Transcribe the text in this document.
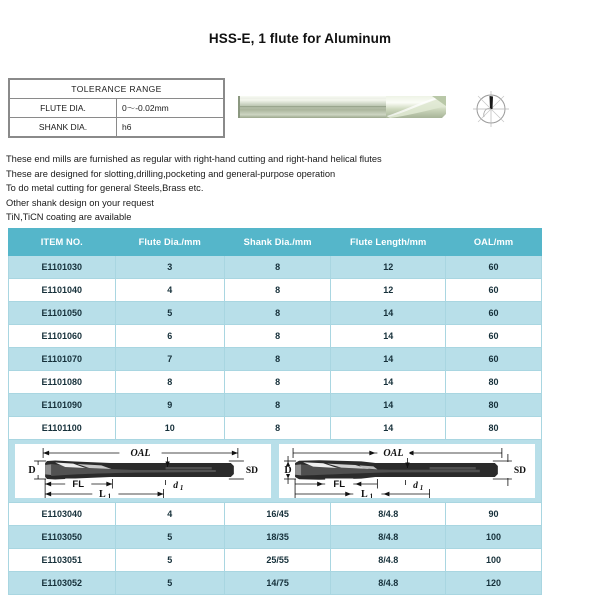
HSS-E, 1 flute for Aluminum
TOLERANCE RANGE	
FLUTE DIA.	0～-0.02mm
SHANK DIA.	h6
These end mills are furnished as regular with right-hand cutting and right-hand helical flutes
These are designed for slotting,drilling,pocketing and general-purpose operation
To do metal cutting for general Steels,Brass etc.
Other shank design on your request
TiN,TiCN coating are available
ITEM NO.	Flute Dia./mm	Shank Dia./mm	Flute Length/mm	OAL/mm
E1101030	3	8	12	60
E1101040	4	8	12	60
E1101050	5	8	14	60
E1101060	6	8	14	60
E1101070	7	8	14	60
E1101080	8	8	14	80
E1101090	9	8	14	80
E1101100	10	8	14	80

OAL
D	SD
d 1
FL
L 1
OAL
D	SD
d 1
FL
L 1

E1103040	4	16/45	8/4.8	90
E1103050	5	18/35	8/4.8	100
E1103051	5	25/55	8/4.8	100
E1103052	5	14/75	8/4.8	120
